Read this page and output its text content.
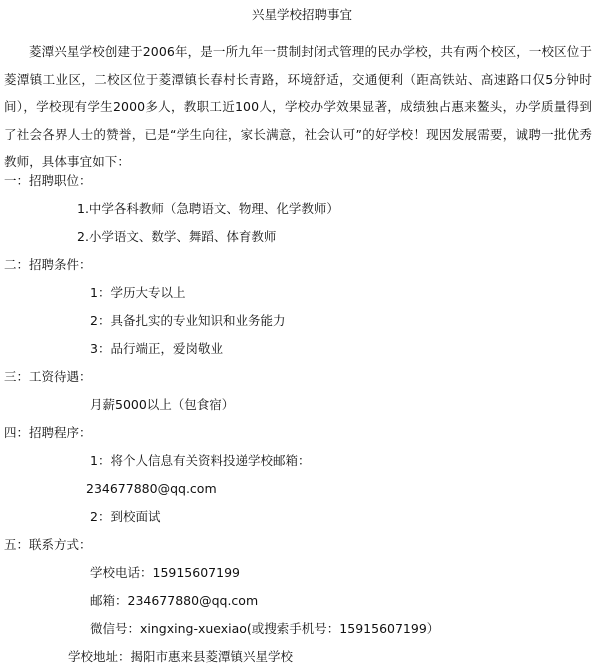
兴星学校招聘事宜

菱潭兴星学校创建于2006年，是一所九年一贯制封闭式管理的民办学校，共有两个校区，一校区位于菱潭镇工业区，二校区位于菱潭镇长春村长青路，环境舒适，交通便利（距高铁站、高速路口仅5分钟时间），学校现有学生2000多人，教职工近100人，学校办学效果显著，成绩独占惠来鳌头，办学质量得到了社会各界人士的赞誉，已是“学生向往，家长满意，社会认可”的好学校！现因发展需要，诚聘一批优秀教师，具体事宜如下：

一：招聘职位：
1.中学各科教师（急聘语文、物理、化学教师）
2.小学语文、数学、舞蹈、体育教师
二：招聘条件：
1：学历大专以上
2：具备扎实的专业知识和业务能力
3：品行端正，爱岗敬业
三：工资待遇：
月薪5000以上（包食宿）
四：招聘程序：
1：将个人信息有关资料投递学校邮箱：
234677880@qq.com
2：到校面试
五：联系方式：
学校电话：15915607199
邮箱：234677880@qq.com
微信号：xingxing-xuexiao(或搜索手机号：15915607199）
学校地址：揭阳市惠来县菱潭镇兴星学校
